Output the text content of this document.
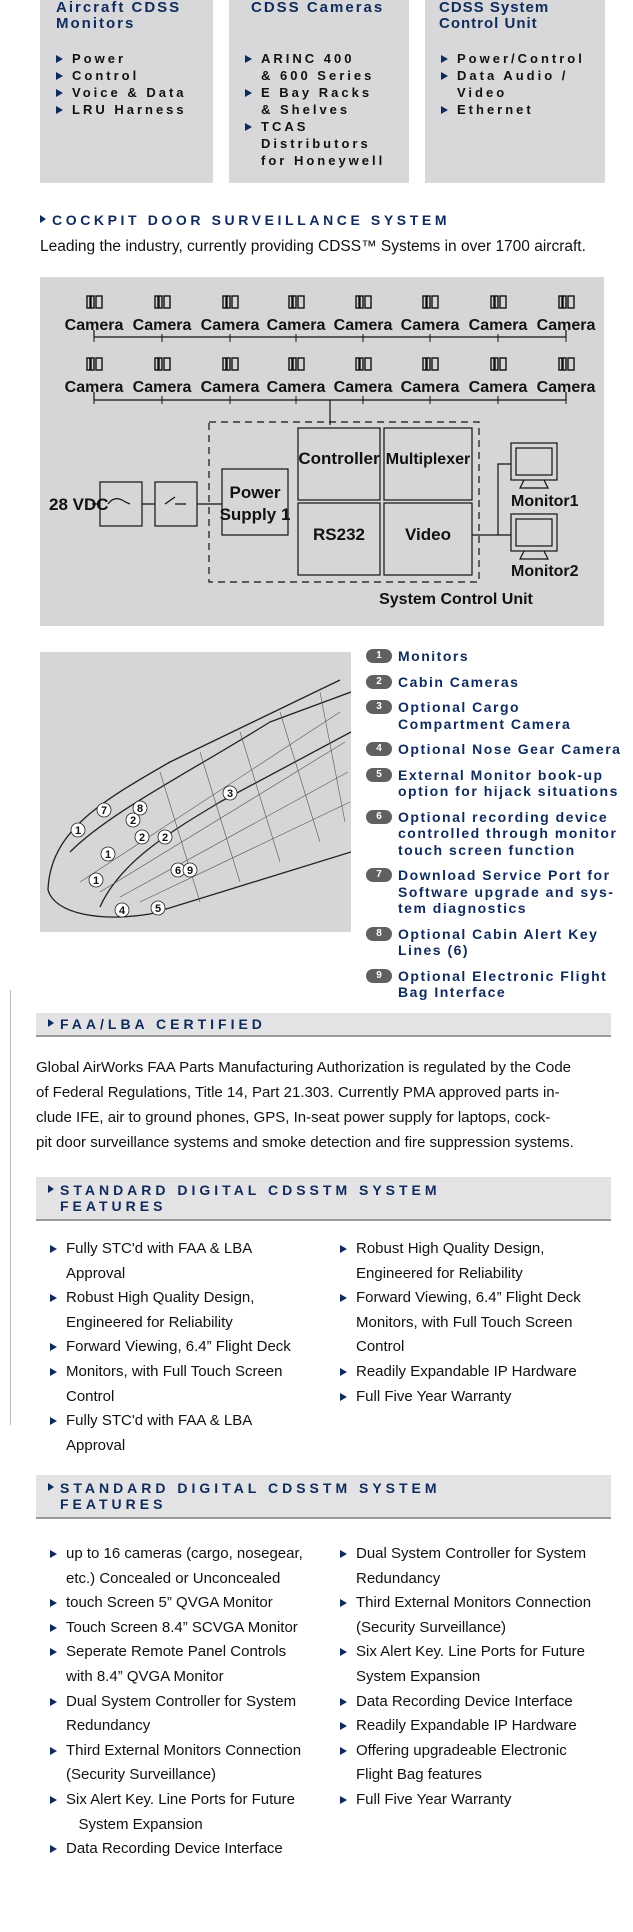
Aircraft CDSS
Monitors
Power
Control
Voice & Data
LRU Harness
CDSS Cameras
ARINC 400
& 600 Series
E Bay Racks
& Shelves
TCAS
Distributors
for Honeywell
CDSS System
Control Unit
Power/Control
Data Audio /
Video
Ethernet
COCKPIT DOOR SURVEILLANCE SYSTEM
Leading the industry, currently providing CDSS™ Systems in over 1700 aircraft.
Camera Camera Camera Camera Camera Camera Camera Camera
Camera Camera Camera Camera Camera Camera Camera Camera
28 VDC
Power
Supply 1
Controller Multiplexer
RS232 Video
Monitor1
Monitor2
System Control Unit
1
1
1
2
2 2
3
4	5
6
7	8
9
1	Monitors
2	Cabin Cameras
3	Optional Cargo
Compartment Camera
4	Optional Nose Gear Camera
5	External Monitor book-up
option for hijack situations
6	Optional recording device
controlled through monitor
touch screen function
7	Download Service Port for
Software upgrade and sys-
tem diagnostics
8	Optional Cabin Alert Key
Lines (6)
9	Optional Electronic Flight
Bag Interface
FAA/LBA CERTIFIED
Global AirWorks FAA Parts Manufacturing Authorization is regulated by the Code
of Federal Regulations, Title 14, Part 21.303. Currently PMA approved parts in-
clude IFE, air to ground phones, GPS, In-seat power supply for laptops, cock-
pit door surveillance systems and smoke detection and fire suppression systems.
STANDARD DIGITAL CDSSTM SYSTEM
FEATURES
Fully STC'd with FAA & LBA
Approval
Robust High Quality Design,
Engineered for Reliability
Forward Viewing, 6.4” Flight Deck
Monitors, with Full Touch Screen
Control
Fully STC'd with FAA & LBA
Approval
Robust High Quality Design,
Engineered for Reliability
Forward Viewing, 6.4” Flight Deck
Monitors, with Full Touch Screen
Control
Readily Expandable IP Hardware
Full Five Year Warranty
STANDARD DIGITAL CDSSTM SYSTEM
FEATURES
up to 16 cameras (cargo, nosegear,
etc.) Concealed or Unconcealed
touch Screen 5” QVGA Monitor
Touch Screen 8.4” SCVGA Monitor
Seperate Remote Panel Controls
with 8.4” QVGA Monitor
Dual System Controller for System
Redundancy
Third External Monitors Connection
(Security Surveillance)
Six Alert Key. Line Ports for Future
System Expansion
Data Recording Device Interface
Dual System Controller for System
Redundancy
Third External Monitors Connection
(Security Surveillance)
Six Alert Key. Line Ports for Future
System Expansion
Data Recording Device Interface
Readily Expandable IP Hardware
Offering upgradeable Electronic
Flight Bag features
Full Five Year Warranty
